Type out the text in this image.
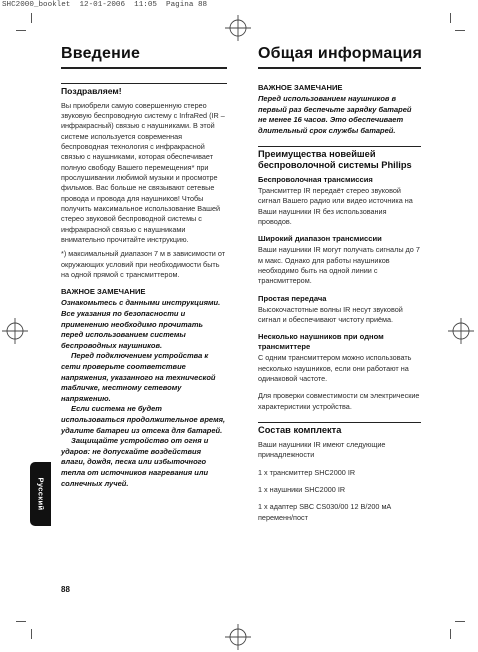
SHC2000_booklet  12-01-2006  11:05  Pagina 88
Введение	Общая информация
Поздравляем!

Вы приобрели самую совершенную стерео звуковую беспроводную систему с InfraRed (IR – инфракрасный) связью с наушниками. В этой системе используется современная беспроводная технология с инфракрасной связью с наушниками, которая обеспечивает полную свободу Вашего перемещения* при прослушивании любимой музыки и просмотре фильмов. Вас больше не связывают сетевые провода и провода для наушников! Чтобы получить максимальное использование Вашей стерео звуковой беспроводной системы с инфракрасной связью с наушниками внимательно прочитайте инструкцию.

*) максимальный диапазон 7 м в зависимости от окружающих условий при необходимости быть на одной прямой с трансмиттером.

ВАЖНОЕ ЗАМЕЧАНИЕ

Ознакомьтесь с данными инструкциями. Все указания по безопасности и применению необходимо прочитать перед использованием системы беспроводных наушников.

Перед подключением устройства к сети проверьте соответствие напряжения, указанного на технической табличке, местному сетевому напряжению.

Если система не будет использоваться продолжительное время, удалите батареи из отсека для батарей.

Защищайте устройство от огня и ударов: не допускайте воздействия влаги, дождя, песка или избыточного тепла от источников нагревания или солнечных лучей.

ВАЖНОЕ ЗАМЕЧАНИЕ

Перед использованием наушников в первый раз беспечьте зарядку батарей не менее 16 часов. Это обеспечивает длительный срок службы батарей.

Преимущества новейшей беспроволочной системы Philips
Беспроволочная трансмиссия

Трансмиттер IR передаёт стерео звуковой сигнал Вашего радио или видео источника на Ваши наушники IR без использования проводов.

Широкий диапазон трансмиссии

Ваши наушники IR могут получать сигналы до 7 м макс. Однако для работы наушников необходимо быть на одной линии с трансмиттером.

Простая передача

Высокочастотные волны IR несут звуковой сигнал и обеспечивают чистоту приёма.

Несколько наушников при одном трансмиттере

С одним трансмиттером можно использовать несколько наушников, если они работают на одинаковой частоте.

Для проверки совместимости см электрические характеристики устройства.

Состав комплекта

Ваши наушники IR имеют следующие принадлежности

1 x трансмиттер SHC2000 IR

1 x наушники SHC2000 IR

1 x адаптер SBC CS030/00 12 В/200 мА переменн/пост

Русский
88
